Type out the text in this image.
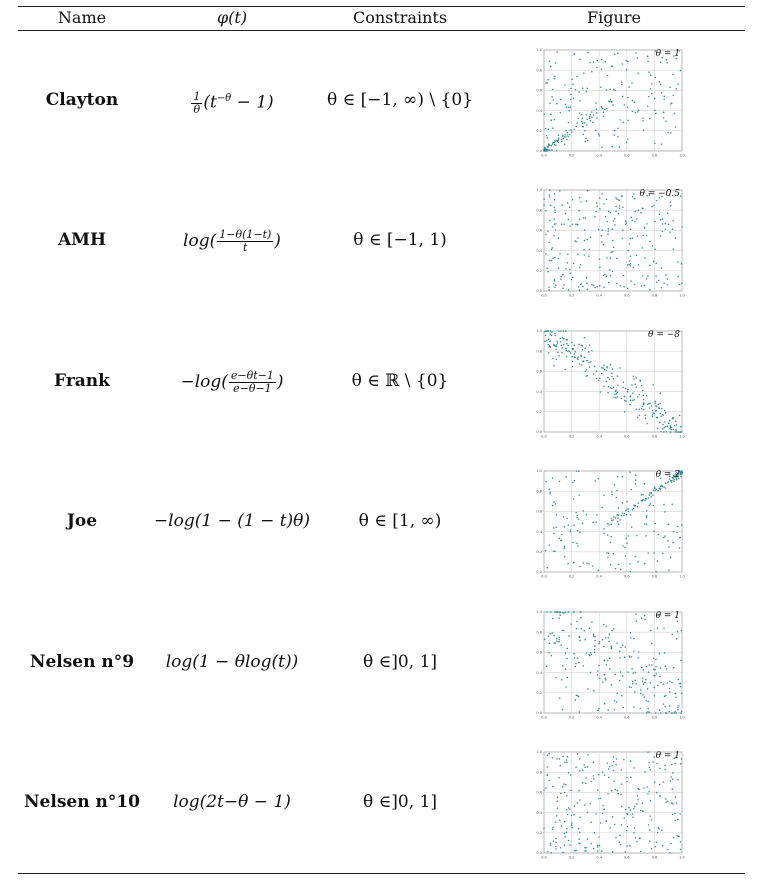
Name	φ(t)	Constraints	Figure
Clayton	$\frac{1}{\theta} (t^{-\theta} - 1)$	θ ∈ [−1, ∞) \ {0}
0.0
0.0
0.2
0.2
0.4
0.4
0.6
0.6
0.8
0.8
1.0
1.0	θ = 1
AMH	$\log( \frac{1-\theta(1-t)}{t}$ )	θ ∈ [−1, 1)
0.0
0.0
0.2
0.2
0.4
0.4
0.6
0.6
0.8
0.8
1.0
1.0	θ = −0.5
Frank	$-\log( \frac{e-\theta t-1}{e-\theta-1}$ )	θ ∈ ℝ \ {0}
0.0
0.0
0.2
0.2
0.4
0.4
0.6
0.6
0.8
0.8
1.0
1.0	θ = −8
Joe	−log(1 − (1 − t)θ)	θ ∈ [1, ∞)
0.0
0.0
0.2
0.2
0.4
0.4
0.6
0.6
0.8
0.8
1.0
1.0	θ = 2
Nelsen n°9	log(1 − θlog(t))	θ ∈]0, 1]
0.0
0.0
0.2
0.2
0.4
0.4
0.6
0.6
0.8
0.8
1.0
1.0	θ = 1
Nelsen n°10	log(2t−θ − 1)	θ ∈]0, 1]
0.0
0.0
0.2
0.2
0.4
0.4
0.6
0.6
0.8
0.8
1.0
1.0	θ = 1
